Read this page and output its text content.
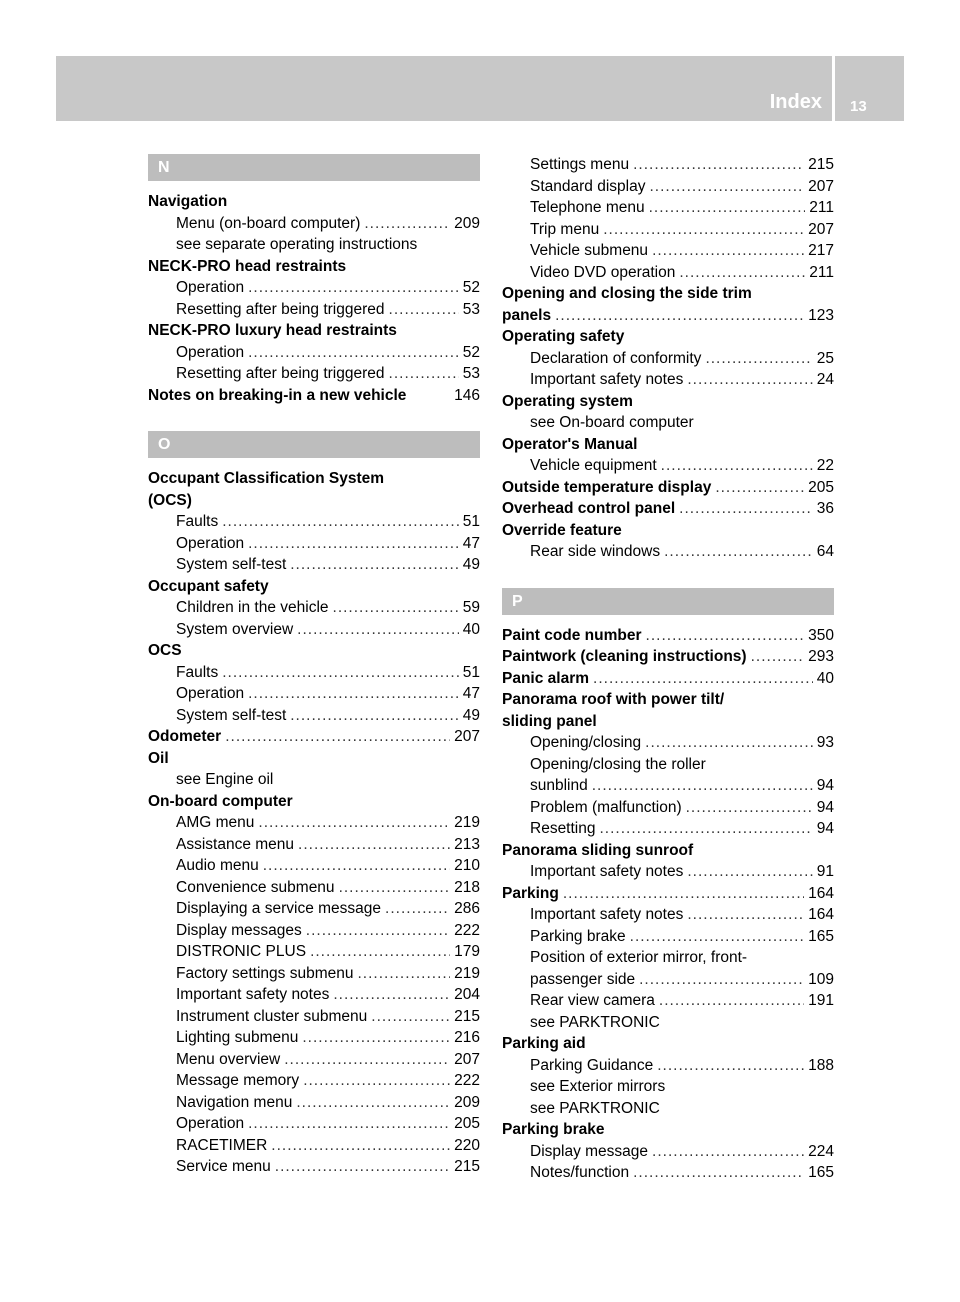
Index 13
N
Navigation
Menu (on-board computer) .....	209
see separate operating instructions
NECK-PRO head restraints
Operation .....	52
Resetting after being triggered .....	53
NECK-PRO luxury head restraints
Operation .....	52
Resetting after being triggered .....	53
Notes on breaking-in a new vehicle	146
O
Occupant Classification System
(OCS)
Faults .....	51
Operation .....	47
System self-test .....	49
Occupant safety
Children in the vehicle .....	59
System overview .....	40
OCS
Faults .....	51
Operation .....	47
System self-test .....	49
Odometer .....	207
Oil
see Engine oil
On-board computer
AMG menu .....	219
Assistance menu .....	213
Audio menu .....	210
Convenience submenu .....	218
Displaying a service message .....	286
Display messages .....	222
DISTRONIC PLUS .....	179
Factory settings submenu .....	219
Important safety notes .....	204
Instrument cluster submenu .....	215
Lighting submenu .....	216
Menu overview .....	207
Message memory .....	222
Navigation menu .....	209
Operation .....	205
RACETIMER .....	220
Service menu .....	215
Settings menu .....	215
Standard display .....	207
Telephone menu .....	211
Trip menu .....	207
Vehicle submenu .....	217
Video DVD operation .....	211
Opening and closing the side trim
panels .....	123
Operating safety
Declaration of conformity .....	25
Important safety notes .....	24
Operating system
see On-board computer
Operator's Manual
Vehicle equipment .....	22
Outside temperature display .....	205
Overhead control panel .....	36
Override feature
Rear side windows .....	64
P
Paint code number .....	350
Paintwork (cleaning instructions) .....	293
Panic alarm .....	40
Panorama roof with power tilt/
sliding panel
Opening/closing .....	93
Opening/closing the roller
sunblind .....	94
Problem (malfunction) .....	94
Resetting .....	94
Panorama sliding sunroof
Important safety notes .....	91
Parking .....	164
Important safety notes .....	164
Parking brake .....	165
Position of exterior mirror, front-
passenger side .....	109
Rear view camera .....	191
see PARKTRONIC
Parking aid
Parking Guidance .....	188
see Exterior mirrors
see PARKTRONIC
Parking brake
Display message .....	224
Notes/function .....	165
